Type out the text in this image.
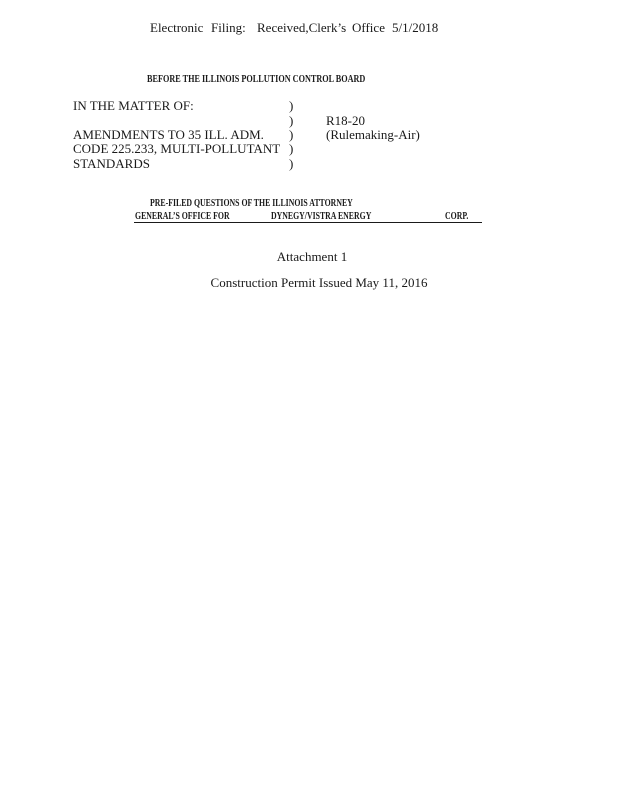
Electronic Filing: Received,Clerk’s Office 5/1/2018
BEFORE THE ILLINOIS POLLUTION CONTROL BOARD
IN THE MATTER OF:
AMENDMENTS TO 35 ILL. ADM.
CODE 225.233, MULTI-POLLUTANT
STANDARDS
)
)
)
)
)
R18-20
(Rulemaking-Air)
PRE-FILED QUESTIONS OF THE ILLINOIS ATTORNEY
GENERAL’S OFFICE FOR	DYNEGY/VISTRA ENERGY	CORP.
Attachment 1
Construction Permit Issued May 11, 2016
